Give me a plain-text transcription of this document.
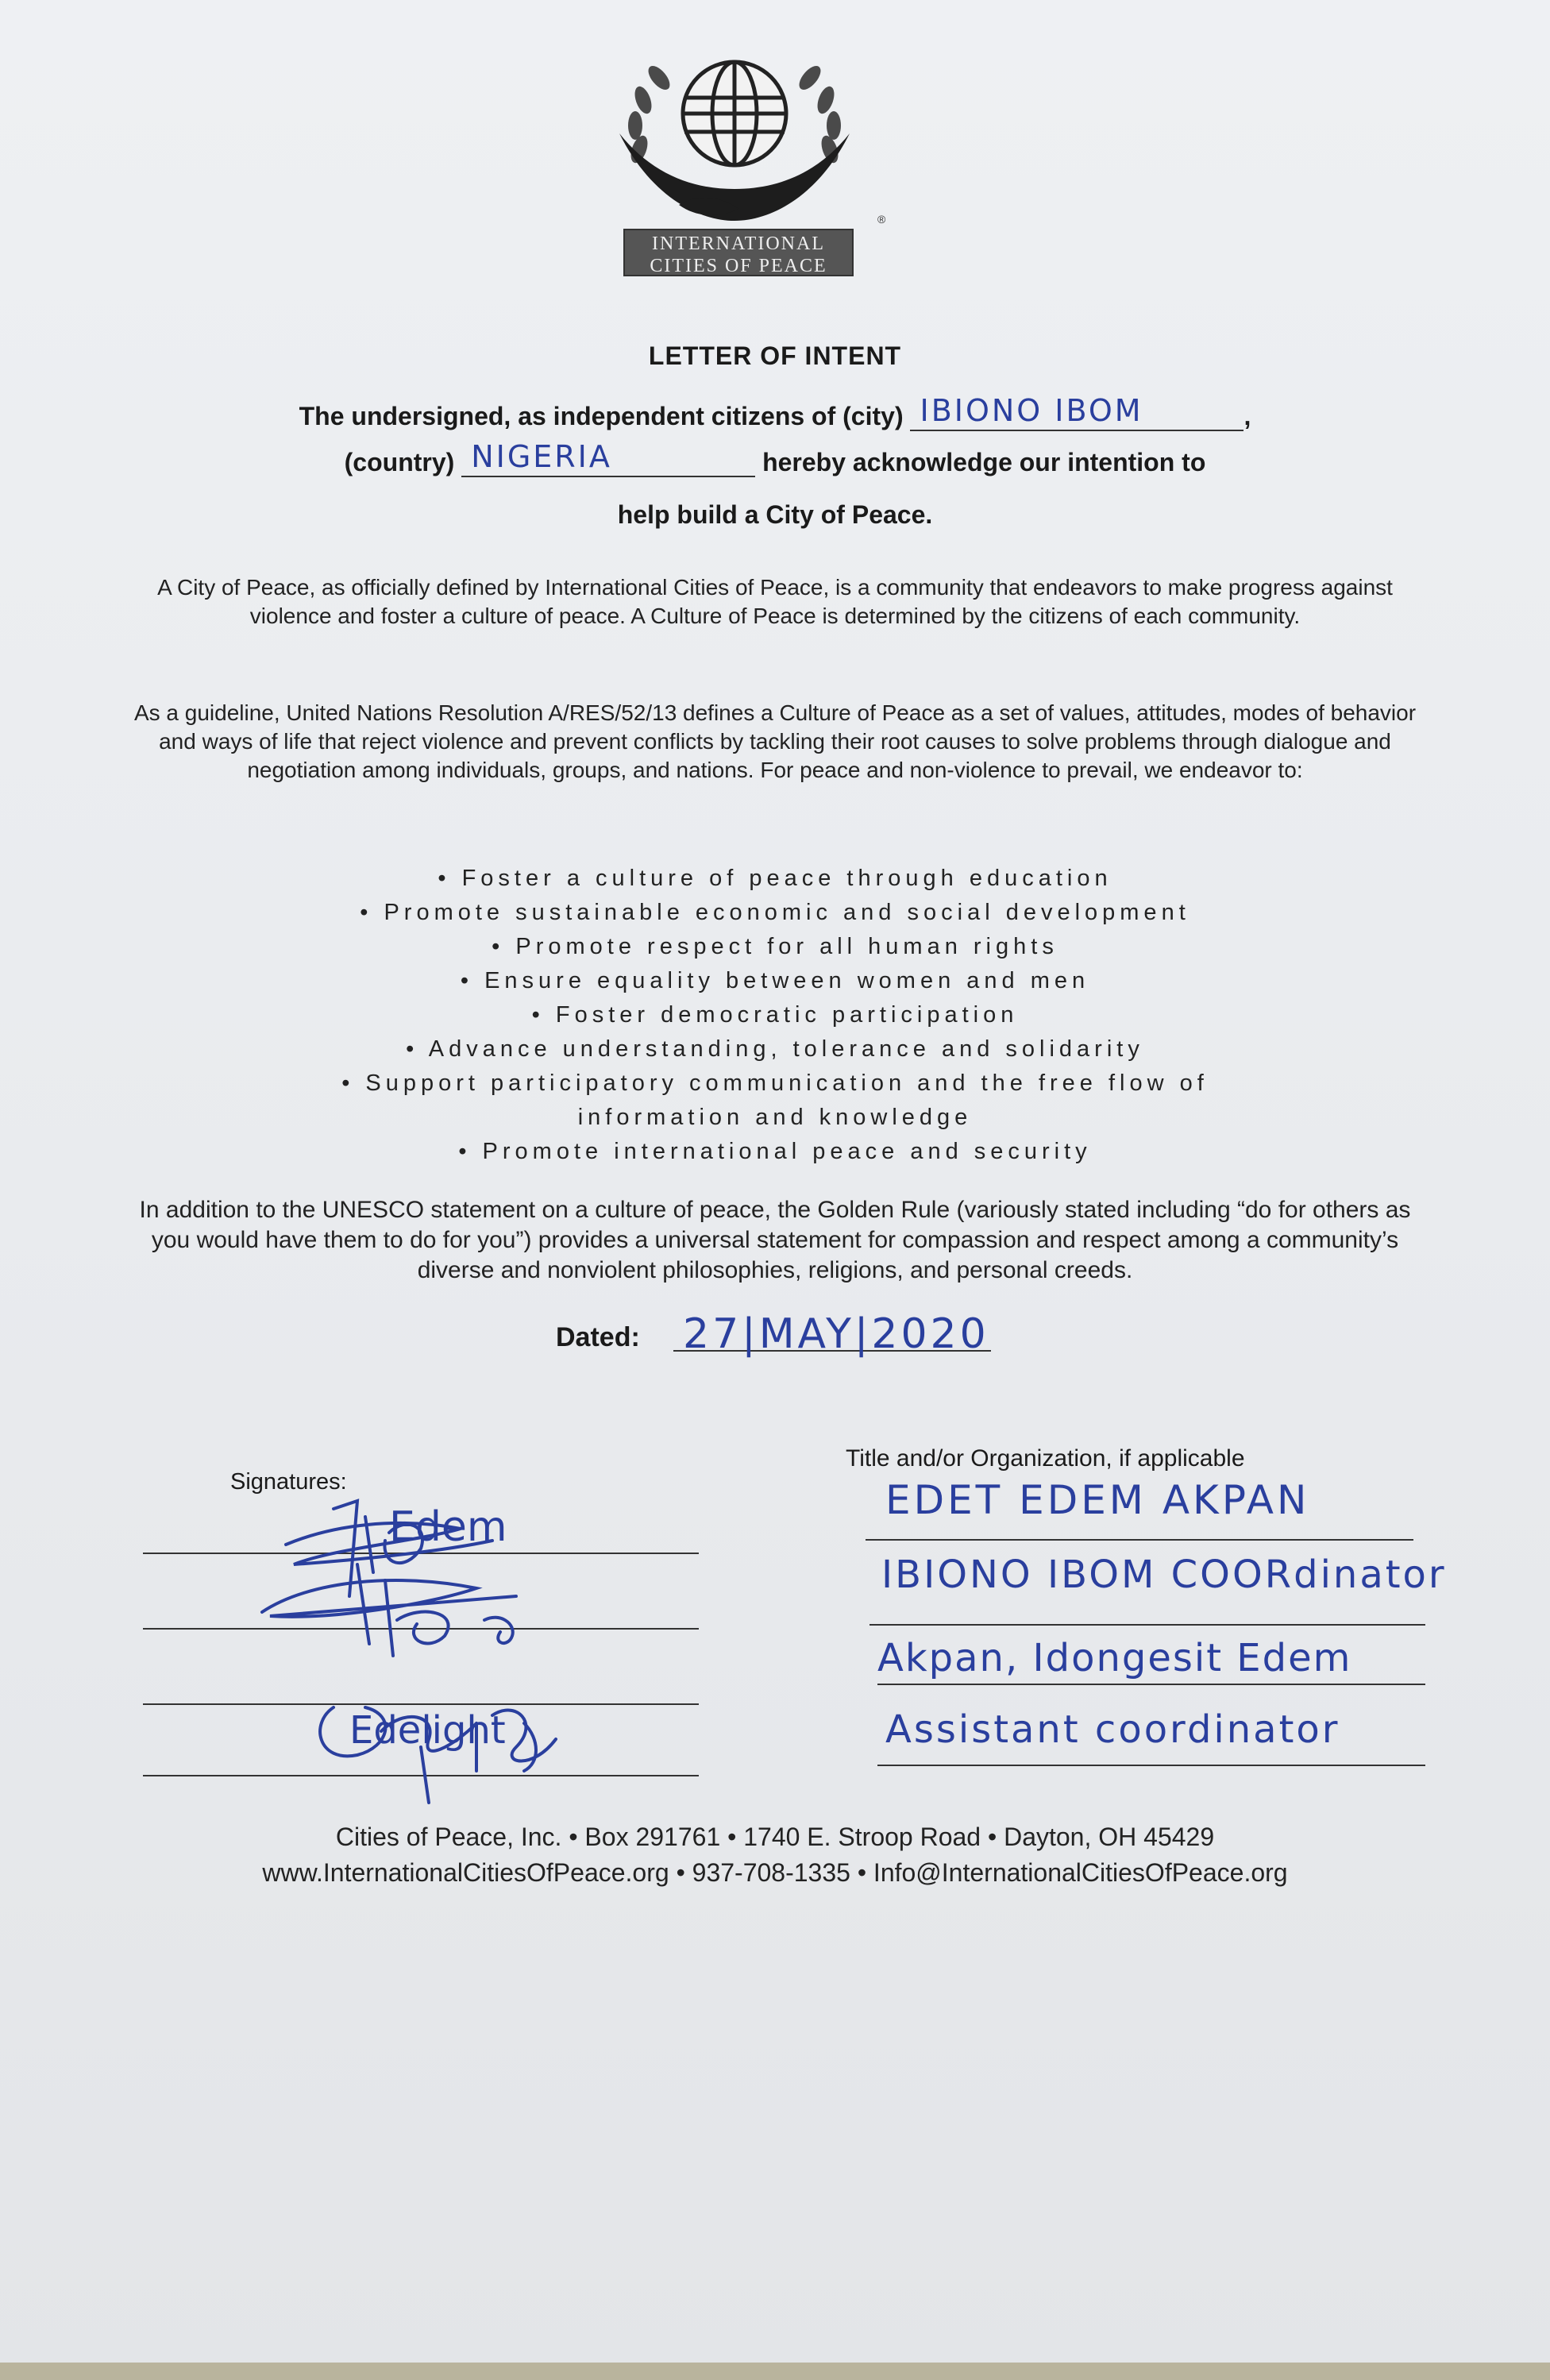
®
INTERNATIONAL
CITIES OF PEACE
LETTER OF INTENT
The undersigned, as independent citizens of (city) IBIONO IBOM	,
(country) NIGERIA	hereby acknowledge our intention to
help build a City of Peace.
A City of Peace, as officially defined by International Cities of Peace, is a community that endeavors to make progress against violence and foster a culture of peace. A Culture of Peace is determined by the citizens of each community.
As a guideline, United Nations Resolution A/RES/52/13 defines a Culture of Peace as a set of values, attitudes, modes of behavior and ways of life that reject violence and prevent conflicts by tackling their root causes to solve problems through dialogue and negotiation among individuals, groups, and nations. For peace and non-violence to prevail, we endeavor to:
• Foster a culture of peace through education
• Promote sustainable economic and social development
• Promote respect for all human rights
• Ensure equality between women and men
• Foster democratic participation
• Advance understanding, tolerance and solidarity
• Support participatory communication and the free flow of
information and knowledge
• Promote international peace and security
In addition to the UNESCO statement on a culture of peace, the Golden Rule (variously stated including “do for others as you would have them to do for you”) provides a universal statement for compassion and respect among a community’s diverse and nonviolent philosophies, religions, and personal creeds.
Dated: 27|MAY|2020
Signatures:
Edem
Edelight
Title and/or Organization, if applicable
EDET EDEM AKPAN
IBIONO IBOM COORdinator
Akpan, Idongesit Edem
Assistant coordinator
Cities of Peace, Inc. • Box 291761 • 1740 E. Stroop Road • Dayton, OH 45429
www.InternationalCitiesOfPeace.org • 937-708-1335 • Info@InternationalCitiesOfPeace.org
